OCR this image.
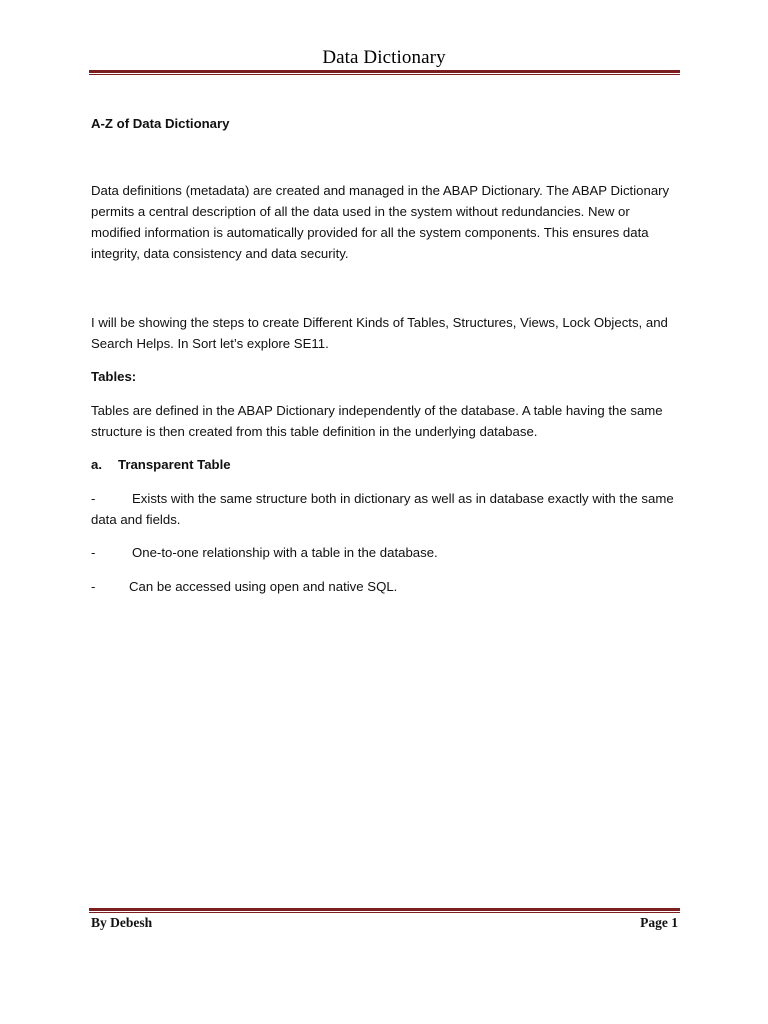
Data Dictionary
A-Z of Data Dictionary
Data definitions (metadata) are created and managed in the ABAP Dictionary. The ABAP Dictionary permits a central description of all the data used in the system without redundancies. New or modified information is automatically provided for all the system components. This ensures data integrity, data consistency and data security.
I will be showing the steps to create Different Kinds of Tables, Structures, Views, Lock Objects, and Search Helps. In Sort let’s explore SE11.
Tables:
Tables are defined in the ABAP Dictionary independently of the database. A table having the same structure is then created from this table definition in the underlying database.
a. Transparent Table
-	Exists with the same structure both in dictionary as well as in database exactly with the same data and fields.
-	One-to-one relationship with a table in the database.
-	Can be accessed using open and native SQL.
By Debesh	Page 1
